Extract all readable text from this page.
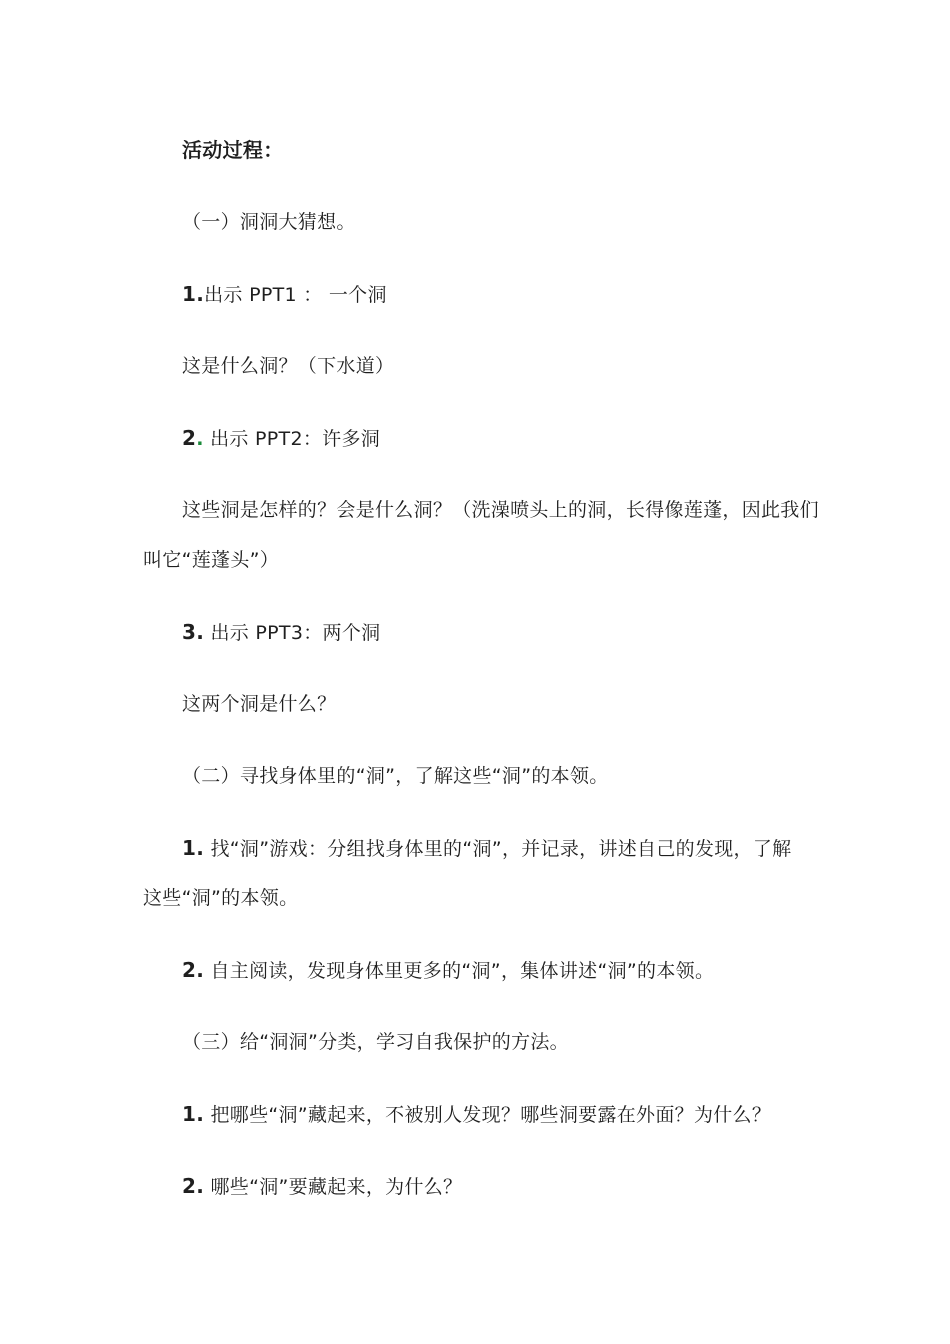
活动过程：
（一）洞洞大猜想。
1.出示 PPT1 ： 一个洞
这是什么洞？（下水道）
2. 出示 PPT2：许多洞
这些洞是怎样的？会是什么洞？（洗澡喷头上的洞，长得像莲蓬，因此我们
叫它“莲蓬头”）
3. 出示 PPT3：两个洞
这两个洞是什么？
（二）寻找身体里的“洞”，了解这些“洞”的本领。
1. 找“洞”游戏：分组找身体里的“洞”，并记录，讲述自己的发现，了解
这些“洞”的本领。
2. 自主阅读，发现身体里更多的“洞”，集体讲述“洞”的本领。
（三）给“洞洞”分类，学习自我保护的方法。
1. 把哪些“洞”藏起来，不被别人发现？哪些洞要露在外面？为什么？
2. 哪些“洞”要藏起来，为什么？
